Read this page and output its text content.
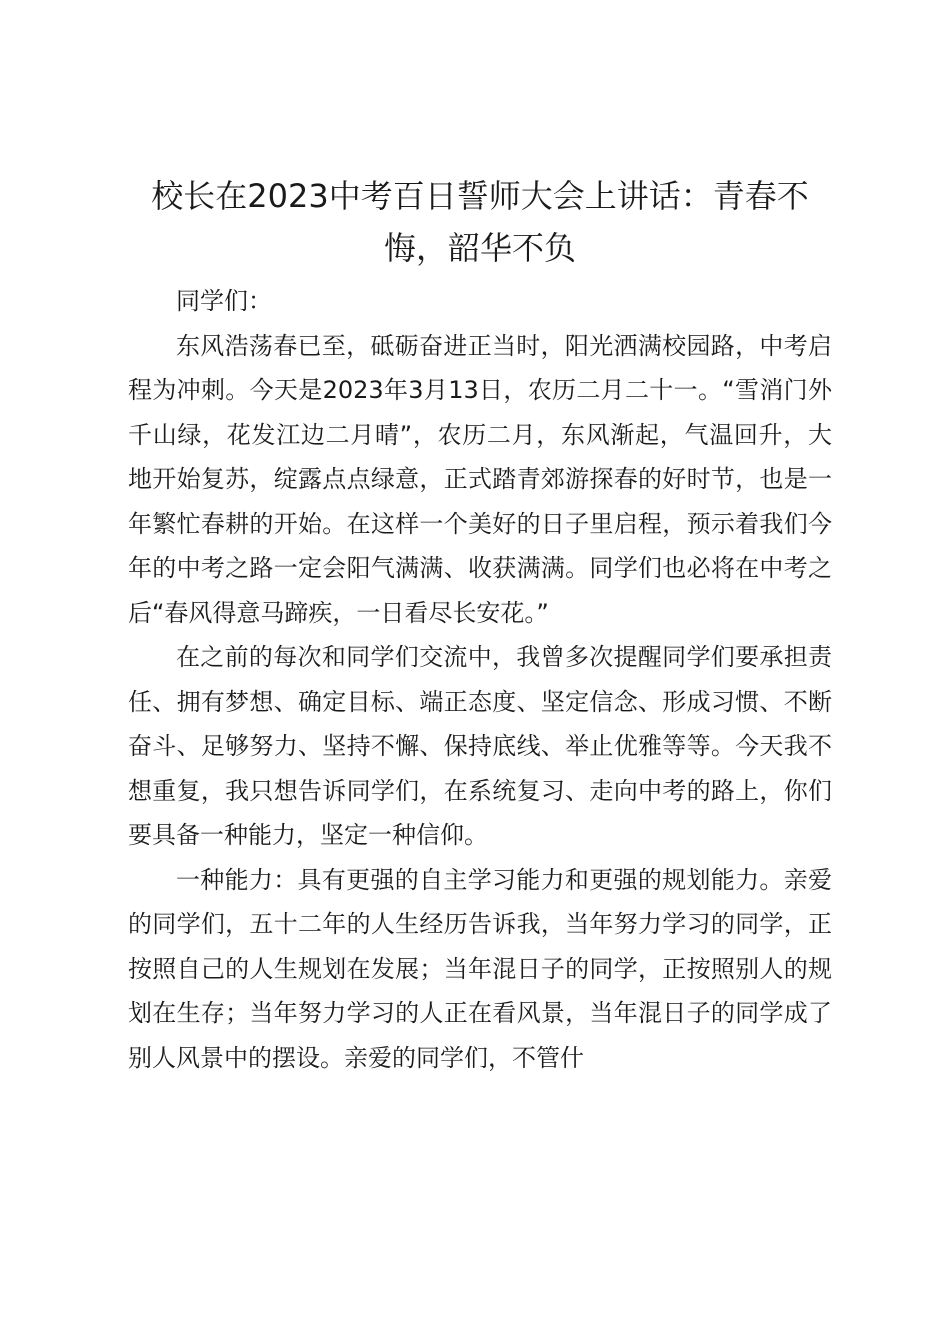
校长在2023中考百日誓师大会上讲话：青春不悔，韶华不负

同学们：

东风浩荡春已至，砥砺奋进正当时，阳光洒满校园路，中考启程为冲刺。今天是2023年3月13日，农历二月二十一。“雪消门外千山绿，花发江边二月晴”，农历二月，东风渐起，气温回升，大地开始复苏，绽露点点绿意，正式踏青郊游探春的好时节，也是一年繁忙春耕的开始。在这样一个美好的日子里启程，预示着我们今年的中考之路一定会阳气满满、收获满满。同学们也必将在中考之后“春风得意马蹄疾，一日看尽长安花。”

在之前的每次和同学们交流中，我曾多次提醒同学们要承担责任、拥有梦想、确定目标、端正态度、坚定信念、形成习惯、不断奋斗、足够努力、坚持不懈、保持底线、举止优雅等等。今天我不想重复，我只想告诉同学们，在系统复习、走向中考的路上，你们要具备一种能力，坚定一种信仰。

一种能力：具有更强的自主学习能力和更强的规划能力。亲爱的同学们，五十二年的人生经历告诉我，当年努力学习的同学，正按照自己的人生规划在发展；当年混日子的同学，正按照别人的规划在生存；当年努力学习的人正在看风景，当年混日子的同学成了别人风景中的摆设。亲爱的同学们，不管什
